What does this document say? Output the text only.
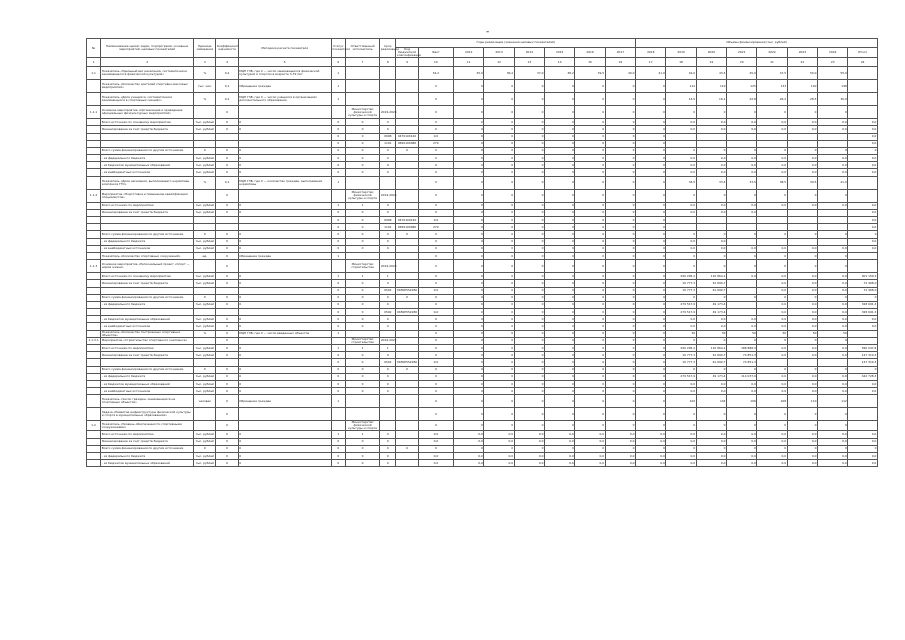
-
№	Наименование целей, задач, подпрограмм, основных мероприятий, целевых показателей	Единица измерения	Коэффициент значимости	Методика расчета показателя	Статус показателя	Ответственный исполнитель	Срок реализации	Годы реализации (значения целевых показателей)								Объемы финансирования (тыс. рублей)							
								Код бюджетной классификации	Факт	2012	2013	2014	2015	2016	2017	2018	2019	2020	2021	2022	2023	2024	Итого
1	2	3	4	5	6	7	8	9	10	11	12	13	14	15	16	17	18	19	20	21	22	23	24
1.1	Показатель «Удельный вес населения, систематически занимающегося физической культурой»	%	0,2	МЦП ГЗБ, где X — число занимающихся физической культурой и спортом в возрасте 3-79 лет	1				34,2	35,0	36,2	37,0	38,2	39,5	40,0	41,0	42,0	43,5	45,0	47,5	50,0	55,0	
	Показатель «Количество зрителей спортивно-массовых мероприятий»	тыс. чел.	0,1	Обращение граждан	1				0	0	0	0	0	0	0	0	112	119	125	133	140	148	
	Показатель «Доля учащихся, систематически занимающихся в спортивных секциях»	%	0,1	МЦП ГЗБ, где X — число учащихся в организациях дополнительного образования	1				0	0	0	0	0	0	0	0	14,5	16,1	22,8	26,2	28,5	30,0	
1.1.1	Основное мероприятие «Организация и проведение официальных физкультурных мероприятий»		0			Министерство физической культуры и спорта	2019-2024		0	0	0	0	0	0	0	0	0	0	0	0	0	0	
	Всего источники по основному мероприятию	тыс. рублей	0	0	0	0	0		0	0	0	0	0	0	0	0	0,0	0,0	0,0	0,0	0,0	0,0	0,0
	Финансирование за счет средств бюджета	тыс. рублей	0	0	0	0	0		0	0	0	0	0	0	0	0	0,0	0,0	0,0	0,0	0,0	0,0	0,0
					0	0	0908	0470100140	0,0	0	0	0	0	0	0	0							0,0
					0	0	1101	0650100080	270	0	0	0	0	0	0	0							0,0
	Всего сумма финансирования по другим источникам	0	0	0	0	0	0	0	0	0	0	0	0	0	0	0	0	0	0	0	0	0	0
	- из федерального бюджета	тыс. рублей	0	0	0	0	0		0	0	0	0	0	0	0	0	0,0	0,0	0,0	0,0	0,0	0,0	0,0
	- из бюджетов муниципальных образований	тыс. рублей	0	0	0	0	0		0	0	0	0	0	0	0	0	0,0	0,0	0,0	0,0	0,0	0,0	0,0
	- из внебюджетных источников	тыс. рублей	0	0	0	0	0		0	0	0	0	0	0	0	0	0,0	0,0	0,0	0,0	0,0	0,0	0,0
	Показатель «Доля населения, выполнившего нормативы комплекса ГТО»	%	0,1	МЦП ГЗБ, где X — количество граждан, выполнивших нормативы	1				0	0	0	0	0	0	0	0	34,5	33,5	33,5	38,5	39,5	41,0	
1.1.2	Мероприятие «Подготовка и повышение квалификации специалистов»		0			Министерство физической культуры и спорта	2019-2024		0	0	0	0	0	0	0	0	0	0	0	0	0	0	
	Всего источники по мероприятию	тыс. рублей	0	0	1	1	0		0	0	0	0	0	0	0	0	0,0	0,0	0,0	0,0	0,0	0,0	0,0
	Финансирование за счет средств бюджета	тыс. рублей	0	0	0	0	0		0	0	0	0	0	0	0	0	0,0	0,0	0,0				0,0
					0	0	0908	0470100140	0,0	0	0	0	0	0	0	0							0,0
					0	0	1101	0650100080	270	0	0	0	0	0	0	0							0,0
	Всего сумма финансирования по другим источникам	0	0	0	0	0	0	0	0	0	0	0	0	0	0	0	0	0	0	0	0	0	0
	- из федерального бюджета	тыс. рублей	0	0	0	0	0		0	0	0	0	0	0	0	0	0,0	0,0					0,0
	- из внебюджетных источников	тыс. рублей	0	0	0	0	0		0	0	0	0	0	0	0	0	0,0	0,0	0,0	0,0	0,0	0,0	0,0
	Показатель «Количество спортивных сооружений»	ед.	0	Обращение граждан	1				0	0	0	0	0	0	0	0	0	0	0	0	0	0	
1.1.3	Основное мероприятие «Региональный проект «Спорт — норма жизни»		0			Министерство строительства	2019-2024		0	0	0	0	0	0	0	0	0	0	0	0	0	0	
	Всего источники по основному мероприятию	тыс. рублей	0	0	1	1	1		0	0	0	0	0	0	0	0	290 295,2	110 864,1	0,0	0,0	0,0	0,0	401 159,3
	Финансирование за счет средств бюджета	тыс. рублей	0	0	0	0	0		0	0	0	0	0	0	0	0	10 777,3	61 690,7		0,0	0,0	0,0	72 468,0
					0	0	0502	0650Р552280	0,0	0	0	0	0	0	0	0	10 777,3	61 690,7		0,0	0,0	0,0	72 468,0
	Всего сумма финансирования по другим источникам	0	0	0	0	0	0	0	0	0	0	0	0	0	0	0	0	0	0	0	0	0	0
	- из федерального бюджета	тыс. рублей	0	0	0	0	0		0	0	0	0	0	0	0	0	279 517,9	49 173,4		0,0	0,0	0,0	328 691,3
					0	0	0502	0650Р552280	0,0	0	0	0	0	0	0	0	279 517,9	49 173,4		0,0	0,0	0,0	328 691,3
	- из бюджетов муниципальных образований	тыс. рублей	0	0	0	0	0		0	0	0	0	0	0	0	0	0,0	0,0	0,0	0,0	0,0	0,0	0,0
	- из внебюджетных источников	тыс. рублей	0	0	0	0	0		0	0	0	0	0	0	0	0	0,0	0,0	0,0	0,0	0,0	0,0	0,0
	Показатель «Количество построенных спортивных объектов»	%	0	МЦП ГЗБ, где X — число введенных объектов	1				0	0	0	0	0	0	0	0	30	30	50	50	50	50	
1.1.3.1	Мероприятие «Строительство спортивного комплекса»		0			Министерство строительства	2019-2021		0	0	0	0	0	0	0	0	0	0	0	0	0	0	
	Всего источники по мероприятию	тыс. рублей	0	0	1	1	1		0	0	0	0	0	0	0	0	290 295,2	110 864,1	188 888,3	0,0	0,0	0,0	590 047,6
	Финансирование за счет средств бюджета	тыс. рублей	0	0	0	0	0		0	0	0	0	0	0	0	0	10 777,3	61 690,7	74 851,3	0,0	0,0	0,0	147 319,3
					0	0	0502	0650Р552280	0,0	0	0	0	0	0	0	0	10 777,3	61 690,7	74 851,3				147 319,3
	Всего сумма финансирования по другим источникам	0	0	0	0	0	0	0	0	0	0	0	0	0	0	0	0	0	0	0	0	0	0
	- из федерального бюджета	тыс. рублей	0	0	0	0	0		0	0	0	0	0	0	0	0	279 517,9	49 173,4	114 037,0	0,0	0,0	0,0	442 728,3
	- из бюджетов муниципальных образований	тыс. рублей	0	0	0	0	0		0	0	0	0	0	0	0	0	0,0	0,0	0,0	0,0	0,0	0,0	0,0
	- из внебюджетных источников	тыс. рублей	0	0	0	0	0		0	0	0	0	0	0	0	0	0,0	0,0	0,0	0,0	0,0	0,0	0,0
	Показатель «Число граждан, занимающихся на спортивных объектах»	человек	0	Обращение граждан	1				0	0	0	0	0	0	0	0	102	104	106	108	110	112	
	Задача «Развитие инфраструктуры физической культуры и спорта в муниципальных образованиях»		0						0	0	0	0	0	0	0	0	0	0	0	0	0	0	
1.2	Показатель «Уровень обеспеченности спортивными сооружениями»		0			Министерство физической культуры и спорта			0	0	0	0	0	0	0	0	0	0	0	0	0	0	
	Всего источники по мероприятию	тыс. рублей	0	0	1	1	0		0,0	0,0	0,0	0,0	0,0	0,0	0,0	0,0	0,0	0,0	0,0	0,0	0,0	0,0	0,0
	Финансирование за счет средств бюджета	тыс. рублей	0	0	0	0	0		0,0	0,0	0,0	0,0	0,0	0,0	0,0	0,0	0,0	0,0	0,0	0,0	0,0	0,0	0,0
	Всего сумма финансирования по другим источникам	0	0	0	0	0	0	0	0	0	0	0	0	0	0	0	0	0	0	0	0	0	0
	- из федерального бюджета	тыс. рублей	0	0	0	0	0		0,0	0,0	0,0	0,0	0,0	0,0	0,0	0,0	0,0	0,0	0,0	0,0	0,0	0,0	0,0
	- из бюджетов муниципальных образований	тыс. рублей	0	0	0	0	0		0,0	0,0	0,0	0,0	0,0	0,0	0,0	0,0	0,0	0,0	0,0	0,0	0,0	0,0	0,0
